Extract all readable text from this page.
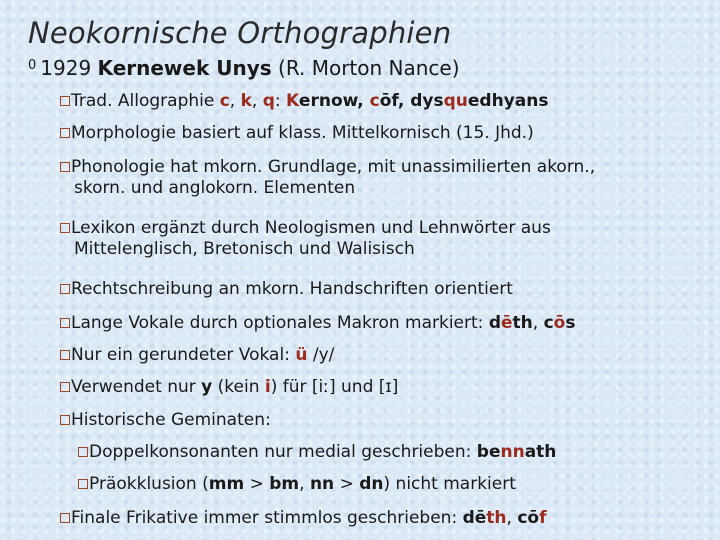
Neokornische Orthographien
$^0$ 1929 Kernewek Unys (R. Morton Nance)
Trad. Allographie c, k, q: Kernow, cōf, dysquedhyans
Morphologie basiert auf klass. Mittelkornisch (15. Jhd.)
Phonologie hat mkorn. Grundlage, mit unassimilierten akorn.,
skorn. und anglokorn. Elementen
Lexikon ergänzt durch Neologismen und Lehnwörter aus
Mittelenglisch, Bretonisch und Walisisch
Rechtschreibung an mkorn. Handschriften orientiert
Lange Vokale durch optionales Makron markiert: dēth, cōs
Nur ein gerundeter Vokal: ü /y/
Verwendet nur y (kein i) für [iː] und [ɪ]
Historische Geminaten:
Doppelkonsonanten nur medial geschrieben: bennath
Präokklusion (mm > bm, nn > dn) nicht markiert
Finale Frikative immer stimmlos geschrieben: dēth, cōf
